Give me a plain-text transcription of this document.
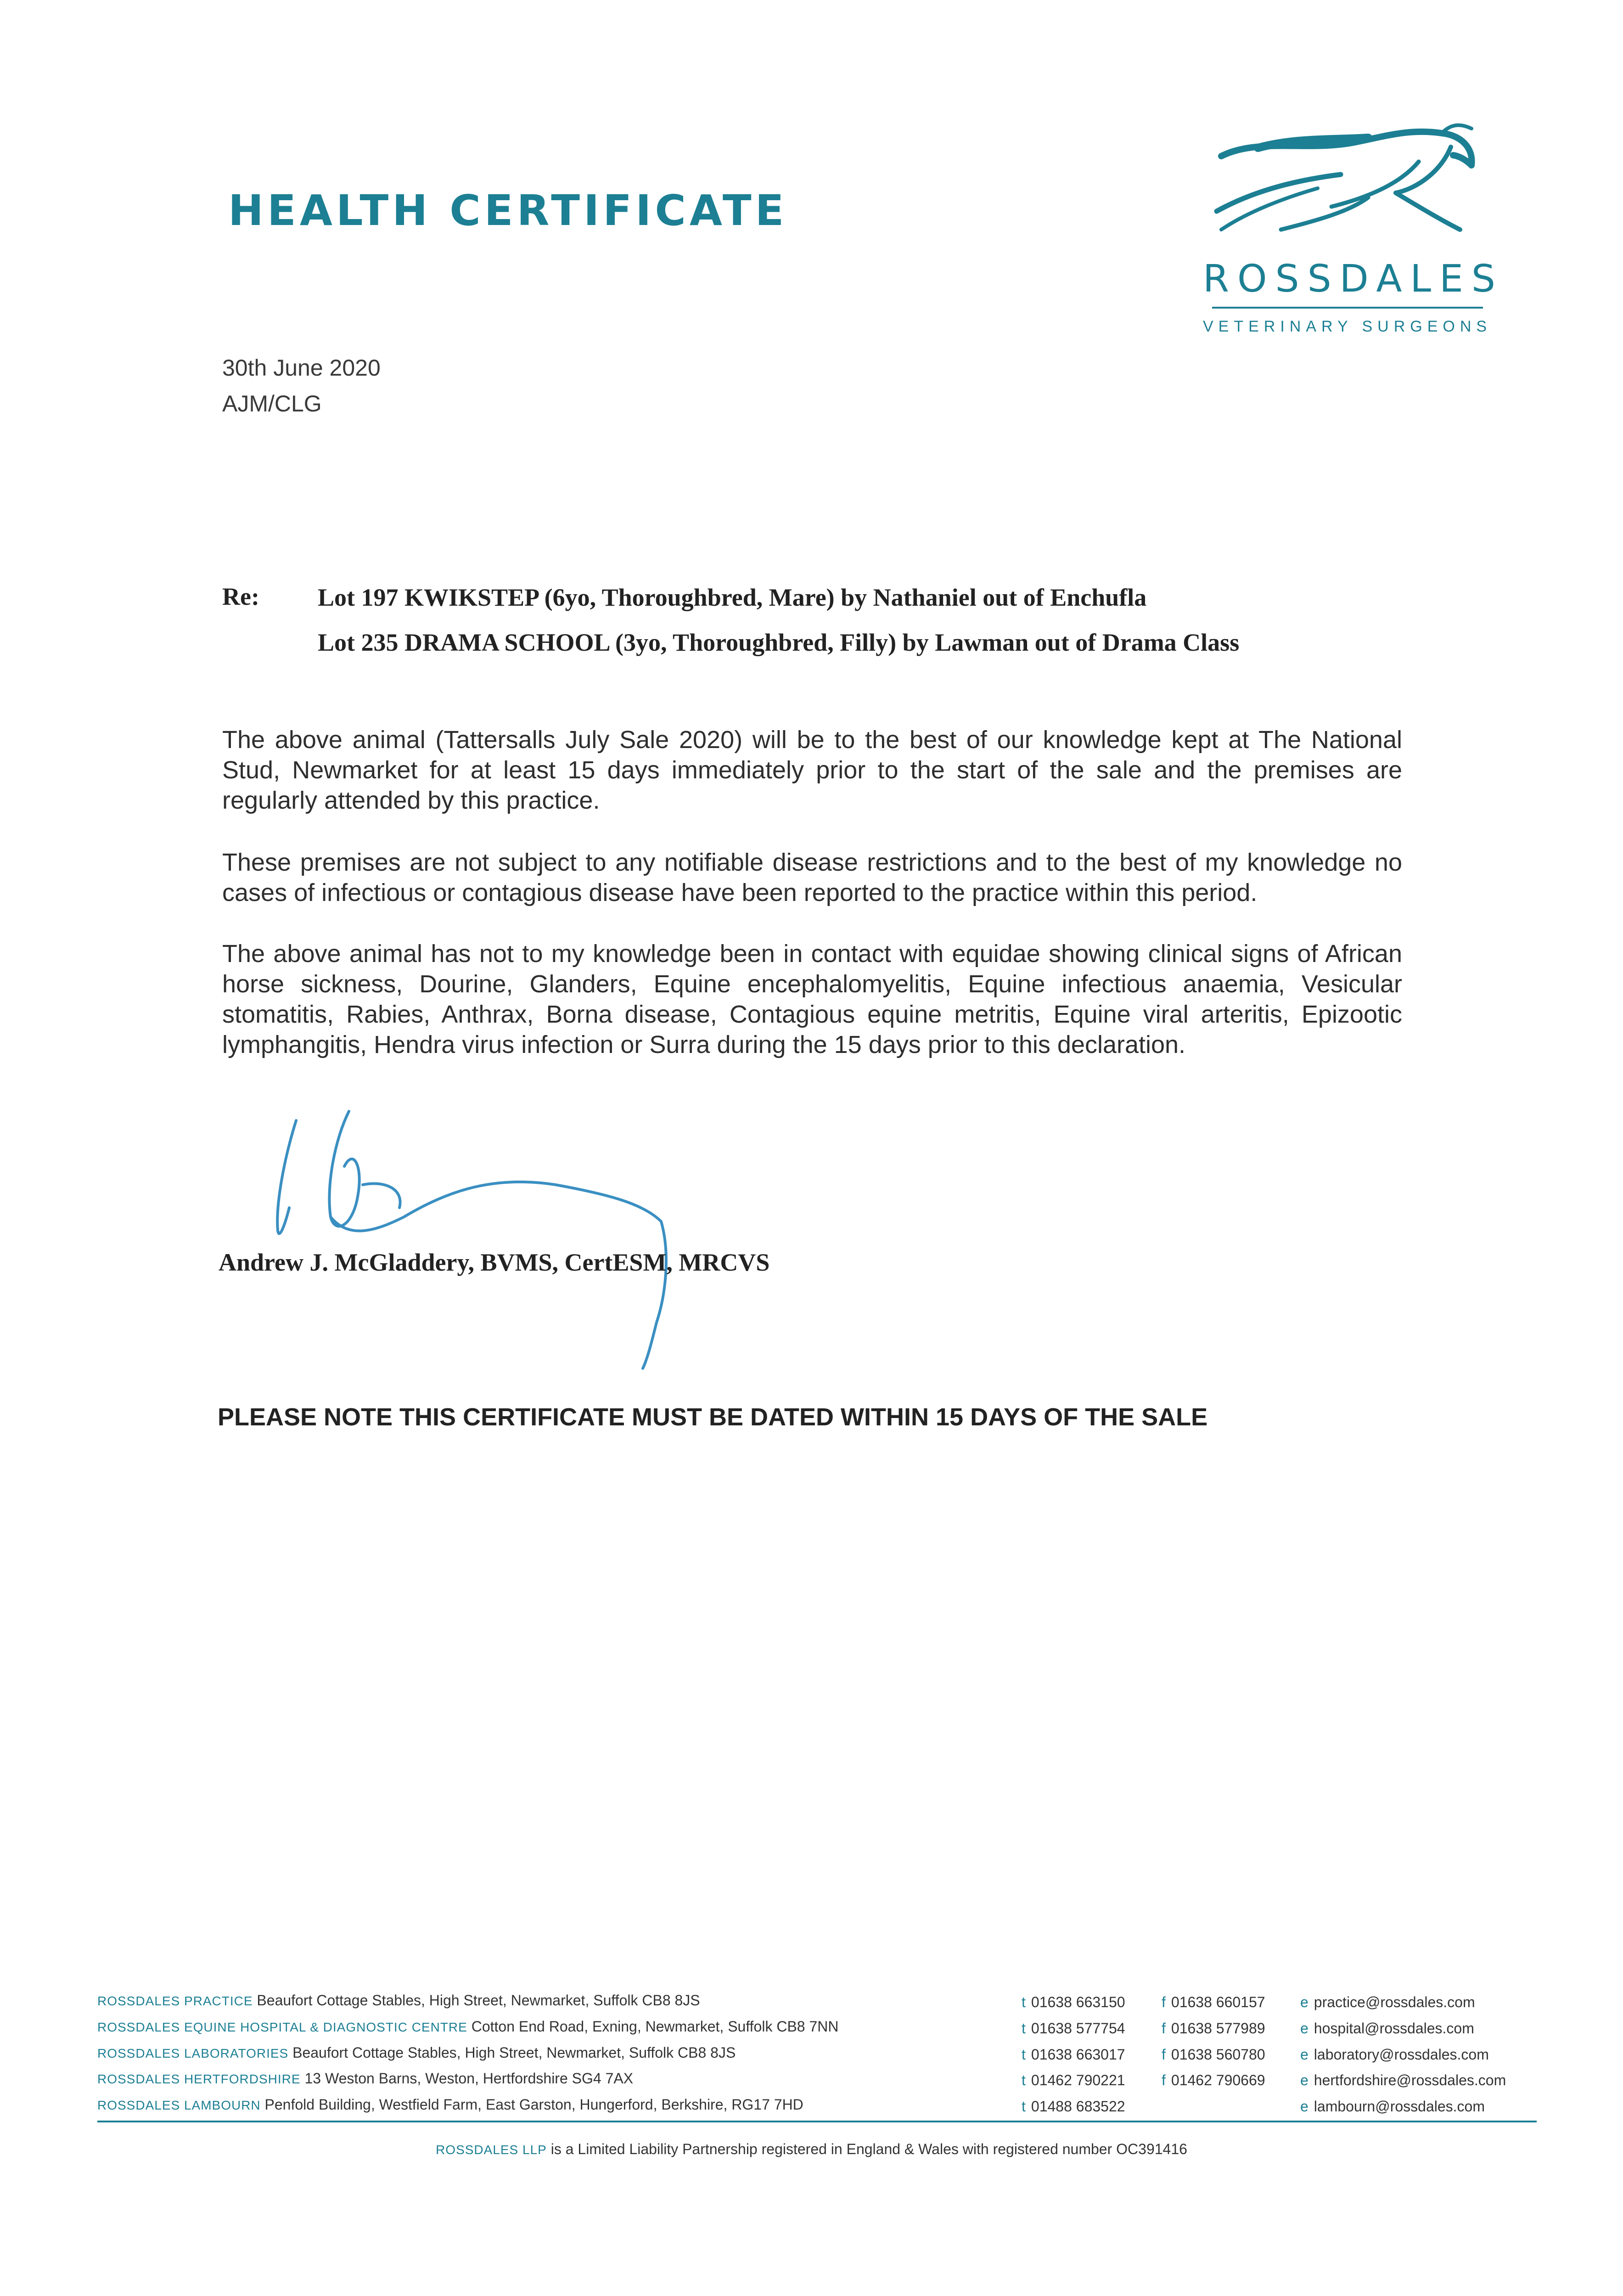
HEALTH CERTIFICATE
ROSSDALES
VETERINARY SURGEONS
30th June 2020
AJM/CLG
Re: Lot 197 KWIKSTEP (6yo, Thoroughbred, Mare) by Nathaniel out of Enchufla
Lot 235 DRAMA SCHOOL (3yo, Thoroughbred, Filly) by Lawman out of Drama Class
The above animal (Tattersalls July Sale 2020) will be to the best of our knowledge kept at The National Stud, Newmarket for at least 15 days immediately prior to the start of the sale and the premises are regularly attended by this practice.
These premises are not subject to any notifiable disease restrictions and to the best of my knowledge no cases of infectious or contagious disease have been reported to the practice within this period.
The above animal has not to my knowledge been in contact with equidae showing clinical signs of African horse sickness, Dourine, Glanders, Equine encephalomyelitis, Equine infectious anaemia, Vesicular stomatitis, Rabies, Anthrax, Borna disease, Contagious equine metritis, Equine viral arteritis, Epizootic lymphangitis, Hendra virus infection or Surra during the 15 days prior to this declaration.
Andrew J. McGladdery, BVMS, CertESM, MRCVS
PLEASE NOTE THIS CERTIFICATE MUST BE DATED WITHIN 15 DAYS OF THE SALE
ROSSDALES PRACTICE Beaufort Cottage Stables, High Street, Newmarket, Suffolk CB8 8JS
ROSSDALES EQUINE HOSPITAL & DIAGNOSTIC CENTRE Cotton End Road, Exning, Newmarket, Suffolk CB8 7NN
ROSSDALES LABORATORIES Beaufort Cottage Stables, High Street, Newmarket, Suffolk CB8 8JS
ROSSDALES HERTFORDSHIRE 13 Weston Barns, Weston, Hertfordshire SG4 7AX
ROSSDALES LAMBOURN Penfold Building, Westfield Farm, East Garston, Hungerford, Berkshire, RG17 7HD
t 01638 663150
t 01638 577754
t 01638 663017
t 01462 790221
t 01488 683522
f 01638 660157
f 01638 577989
f 01638 560780
f 01462 790669
e practice@rossdales.com
e hospital@rossdales.com
e laboratory@rossdales.com
e hertfordshire@rossdales.com
e lambourn@rossdales.com
ROSSDALES LLP is a Limited Liability Partnership registered in England & Wales with registered number OC391416
